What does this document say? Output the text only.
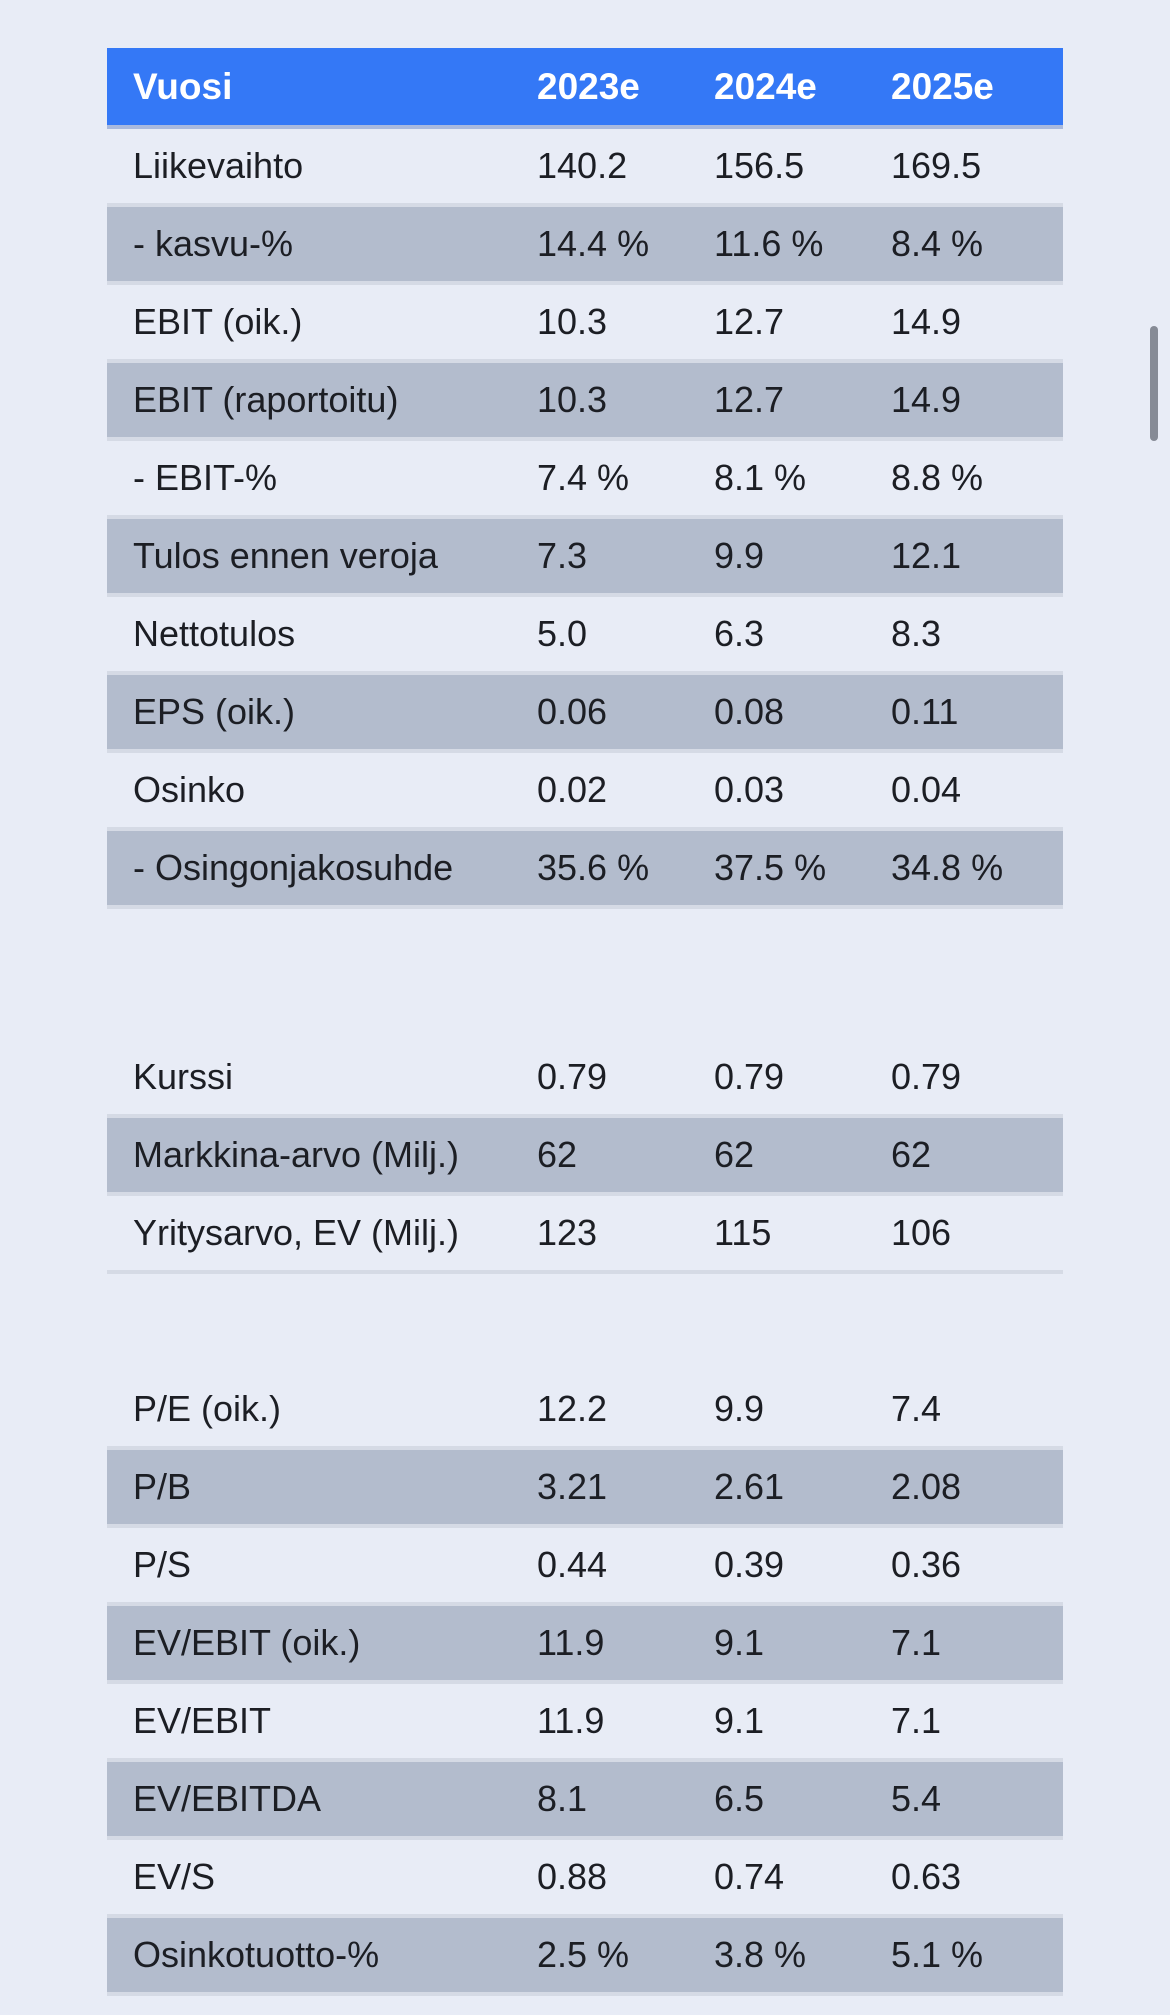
Vuosi	2023e	2024e	2025e
Liikevaihto	140.2	156.5	169.5
- kasvu-%	14.4 %	11.6 %	8.4 %
EBIT (oik.)	10.3	12.7	14.9
EBIT (raportoitu)	10.3	12.7	14.9
- EBIT-%	7.4 %	8.1 %	8.8 %
Tulos ennen veroja	7.3	9.9	12.1
Nettotulos	5.0	6.3	8.3
EPS (oik.)	0.06	0.08	0.11
Osinko	0.02	0.03	0.04
- Osingonjakosuhde	35.6 %	37.5 %	34.8 %
Kurssi	0.79	0.79	0.79
Markkina-arvo (Milj.)	62	62	62
Yritysarvo, EV (Milj.)	123	115	106
P/E (oik.)	12.2	9.9	7.4
P/B	3.21	2.61	2.08
P/S	0.44	0.39	0.36
EV/EBIT (oik.)	11.9	9.1	7.1
EV/EBIT	11.9	9.1	7.1
EV/EBITDA	8.1	6.5	5.4
EV/S	0.88	0.74	0.63
Osinkotuotto-%	2.5 %	3.8 %	5.1 %
